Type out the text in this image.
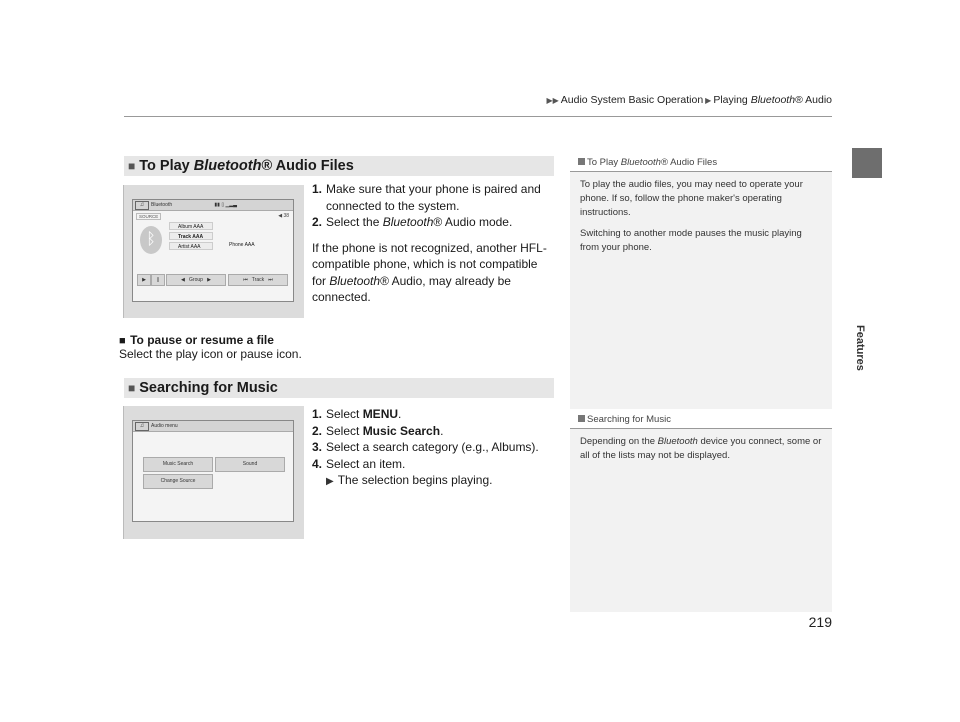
▶▶ Audio System Basic Operation ▶ Playing Bluetooth® Audio
Features
To Play Bluetooth® Audio Files

To play the audio files, you may need to operate your phone. If so, follow the phone maker's operating instructions.

Switching to another mode pauses the music playing from your phone.

Searching for Music

Depending on the Bluetooth device you connect, some or all of the lists may not be displayed.

■ To Play Bluetooth® Audio Files
♫	Bluetooth	▮▮ ▯ ▁▂▃
SOURCE	◀ 38
ᛒ
Album AAA
Track AAA
Artist AAA	Phone AAA
▶	∥	◀   Group   ▶	⏮   Track   ⏭
1. Make sure that your phone is paired and connected to the system.
2. Select the Bluetooth® Audio mode.
If the phone is not recognized, another HFL-compatible phone, which is not compatible for Bluetooth® Audio, may already be connected.
■ To pause or resume a file
Select the play icon or pause icon.
■ Searching for Music
♫	Audio menu
Music Search	Sound
Change Source
1. Select MENU.
2. Select Music Search.
3. Select a search category (e.g., Albums).
4. Select an item.
▶ The selection begins playing.
219
